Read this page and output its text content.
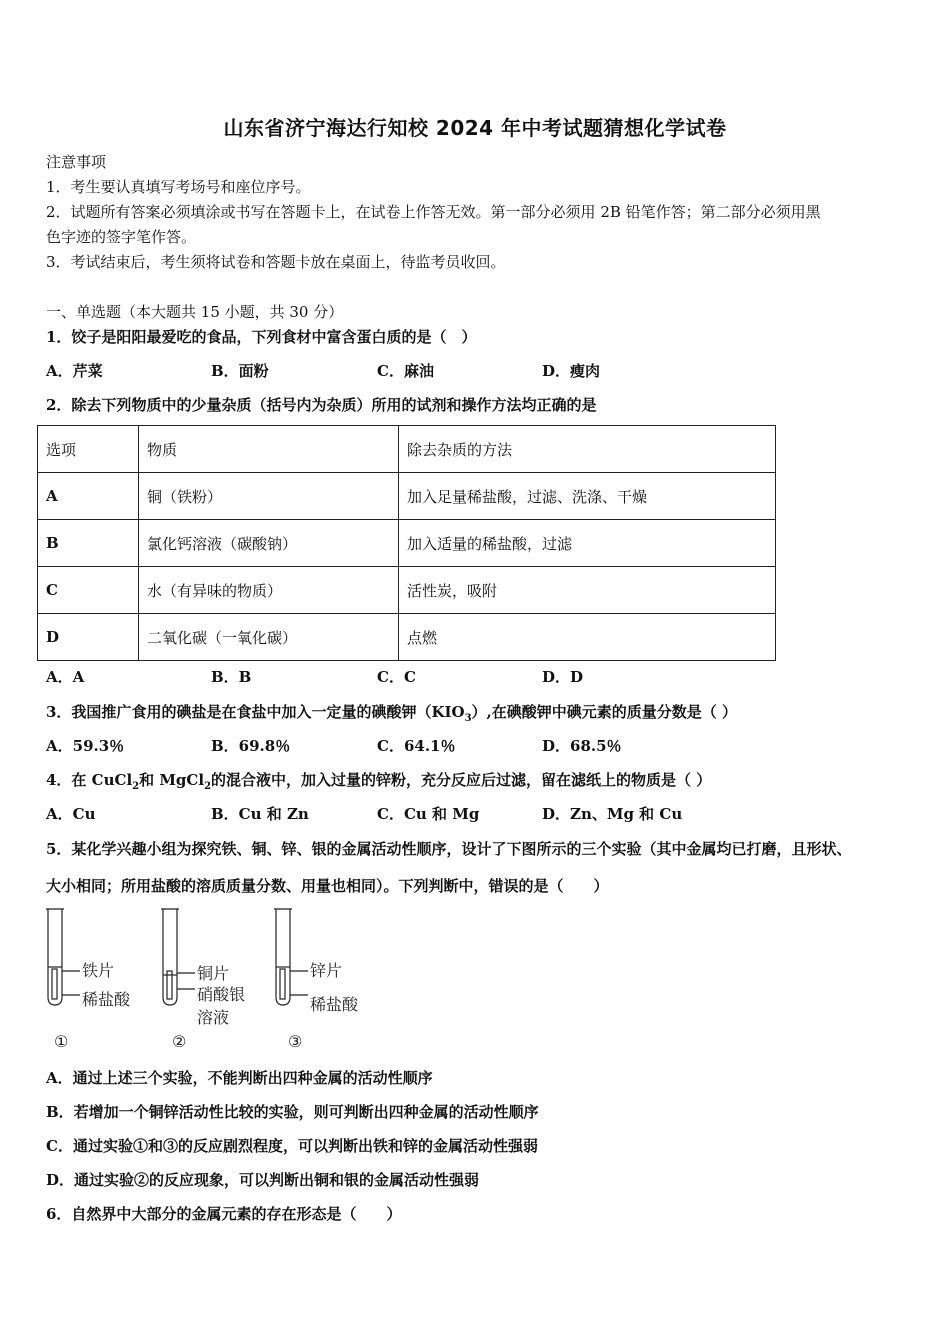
山东省济宁海达行知校 2024 年中考试题猜想化学试卷
注意事项
1．考生要认真填写考场号和座位序号。
2．试题所有答案必须填涂或书写在答题卡上，在试卷上作答无效。第一部分必须用 2B 铅笔作答；第二部分必须用黑
色字迹的签字笔作答。
3．考试结束后，考生须将试卷和答题卡放在桌面上，待监考员收回。
一、单选题（本大题共 15 小题，共 30 分）
1．饺子是阳阳最爱吃的食品，下列食材中富含蛋白质的是（　）
A．芹菜	B．面粉	C．麻油	D．瘦肉
2．除去下列物质中的少量杂质（括号内为杂质）所用的试剂和操作方法均正确的是
选项	物质	除去杂质的方法
A	铜（铁粉）	加入足量稀盐酸，过滤、洗涤、干燥
B	氯化钙溶液（碳酸钠）	加入适量的稀盐酸，过滤
C	水（有异味的物质）	活性炭，吸附
D	二氧化碳（一氧化碳）	点燃
A．A	B．B	C．C	D．D
3．我国推广食用的碘盐是在食盐中加入一定量的碘酸钾$(KIO_3)$,在碘酸钾中碘元素的质量分数是（ ）
A．59.3％	B．69.8％	C．64.1％	D．68.5％
4．在 CuCl$_2$和 MgCl$_2$的混合液中，加入过量的锌粉，充分反应后过滤，留在滤纸上的物质是（ ）
A．Cu	B．Cu 和 Zn	C．Cu 和 Mg	D．Zn、Mg 和 Cu
5．某化学兴趣小组为探究铁、铜、锌、银的金属活动性顺序，设计了下图所示的三个实验（其中金属均已打磨，且形状、
大小相同；所用盐酸的溶质质量分数、用量也相同）。下列判断中，错误的是（　　）
铁片
稀盐酸
铜片
硝酸银
溶液
锌片
稀盐酸
①	②	③
A．通过上述三个实验，不能判断出四种金属的活动性顺序
B．若增加一个铜锌活动性比较的实验，则可判断出四种金属的活动性顺序
C．通过实验①和③的反应剧烈程度，可以判断出铁和锌的金属活动性强弱
D．通过实验②的反应现象，可以判断出铜和银的金属活动性强弱
6．自然界中大部分的金属元素的存在形态是（　　）
